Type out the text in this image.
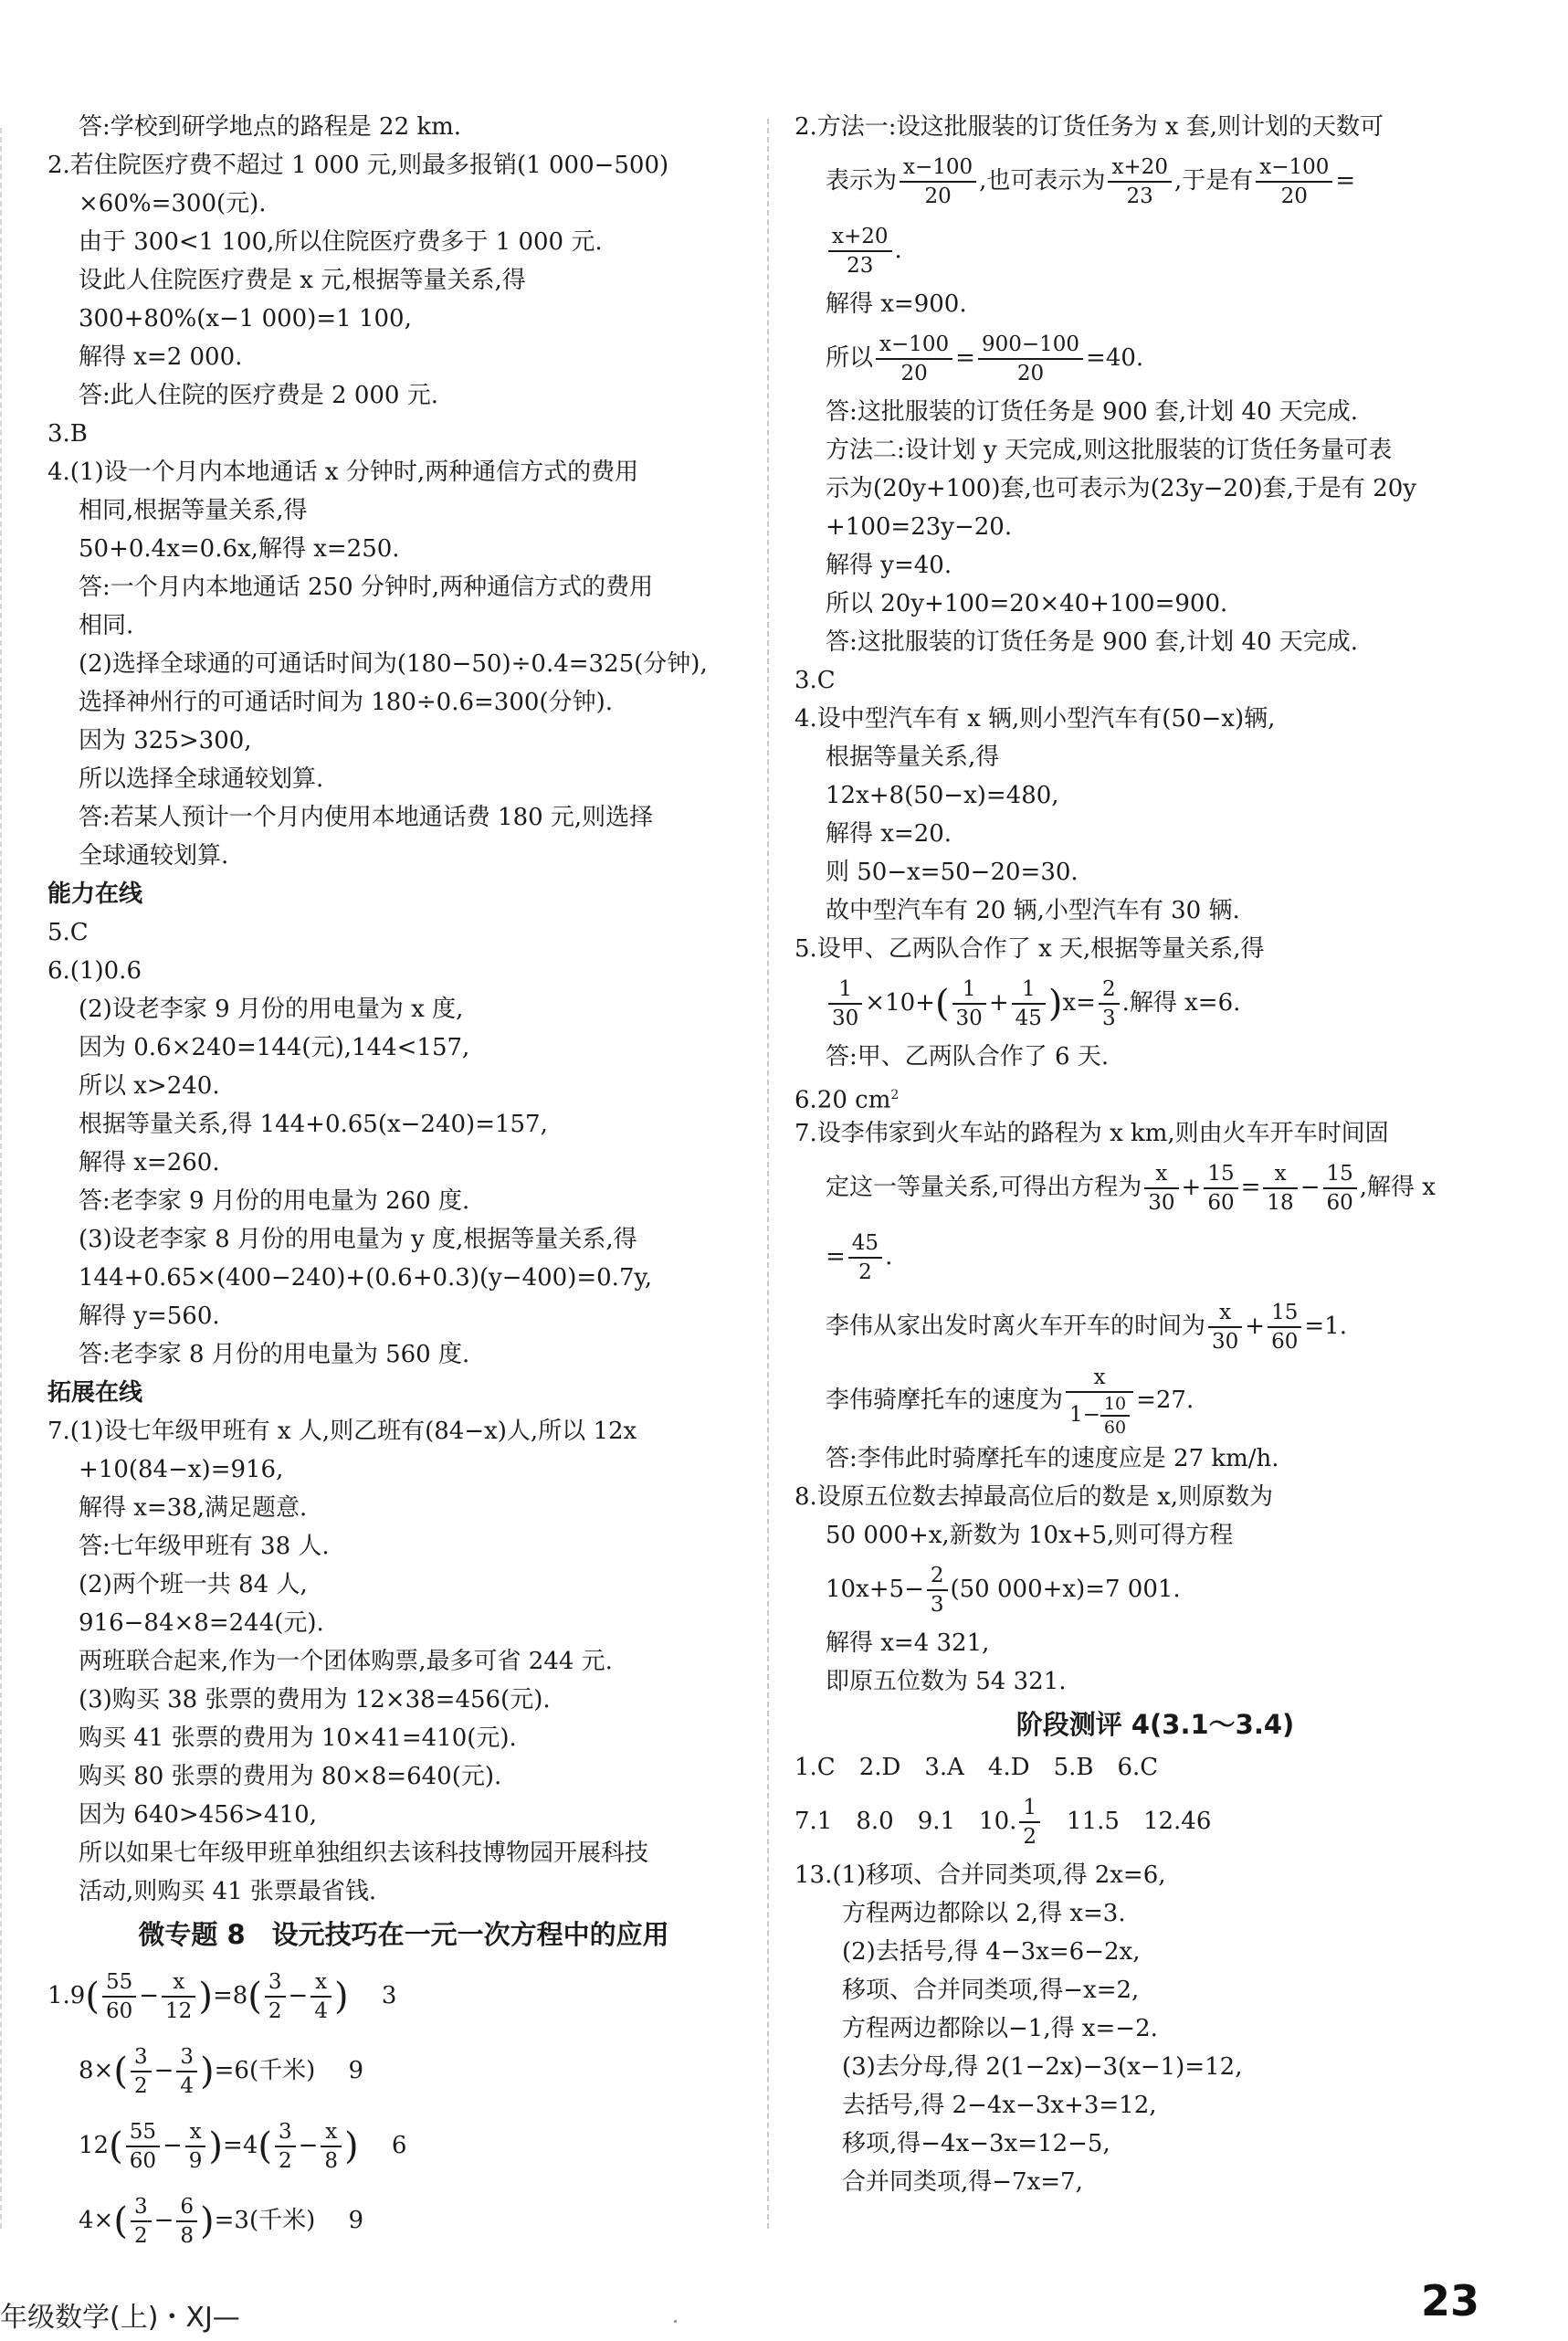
答:学校到研学地点的路程是 22 km.
2.若住院医疗费不超过 1 000 元,则最多报销(1 000−500)
×60%=300(元).
由于 300<1 100,所以住院医疗费多于 1 000 元.
设此人住院医疗费是 x 元,根据等量关系,得
300+80%(x−1 000)=1 100,
解得 x=2 000.
答:此人住院的医疗费是 2 000 元.
3.B
4.(1)设一个月内本地通话 x 分钟时,两种通信方式的费用
相同,根据等量关系,得
50+0.4x=0.6x,解得 x=250.
答:一个月内本地通话 250 分钟时,两种通信方式的费用
相同.
(2)选择全球通的可通话时间为(180−50)÷0.4=325(分钟),
选择神州行的可通话时间为 180÷0.6=300(分钟).
因为 325>300,
所以选择全球通较划算.
答:若某人预计一个月内使用本地通话费 180 元,则选择
全球通较划算.
能力在线
5.C
6.(1)0.6
(2)设老李家 9 月份的用电量为 x 度,
因为 0.6×240=144(元),144<157,
所以 x>240.
根据等量关系,得 144+0.65(x−240)=157,
解得 x=260.
答:老李家 9 月份的用电量为 260 度.
(3)设老李家 8 月份的用电量为 y 度,根据等量关系,得
144+0.65×(400−240)+(0.6+0.3)(y−400)=0.7y,
解得 y=560.
答:老李家 8 月份的用电量为 560 度.
拓展在线
7.(1)设七年级甲班有 x 人,则乙班有(84−x)人,所以 12x
+10(84−x)=916,
解得 x=38,满足题意.
答:七年级甲班有 38 人.
(2)两个班一共 84 人,
916−84×8=244(元).
两班联合起来,作为一个团体购票,最多可省 244 元.
(3)购买 38 张票的费用为 12×38=456(元).
购买 41 张票的费用为 10×41=410(元).
购买 80 张票的费用为 80×8=640(元).
因为 640>456>410,
所以如果七年级甲班单独组织去该科技博物园开展科技
活动,则购买 41 张票最省钱.
微专题 8　设元技巧在一元一次方程中的应用
$1.9( \frac{55}{60} - \frac{x}{12} )=8( \frac{3}{2} - \frac{x}{4}$ ) 3
$8\times( \frac{3}{2} - \frac{3}{4} )=6$(千米) 9
$12( \frac{55}{60} - \frac{x}{9} )=4( \frac{3}{2} - \frac{x}{8}$ ) 6
$4\times( \frac{3}{2} - \frac{6}{8} )=3$(千米) 9
2.方法一:设这批服装的订货任务为 x 套,则计划的天数可
表示为 $\frac{x-100}{20}$ ,也可表示为 $\frac{x+20}{23}$ ,于是有 $\frac{x-100}{20}$ =
$\frac{x+20}{23}$ .
解得 x=900.
所以 $\frac{x-100}{20} = \frac{900-100}{20} =40$.
答:这批服装的订货任务是 900 套,计划 40 天完成.
方法二:设计划 y 天完成,则这批服装的订货任务量可表
示为(20y+100)套,也可表示为(23y−20)套,于是有 20y
+100=23y−20.
解得 y=40.
所以 20y+100=20×40+100=900.
答:这批服装的订货任务是 900 套,计划 40 天完成.
3.C
4.设中型汽车有 x 辆,则小型汽车有(50−x)辆,
根据等量关系,得
12x+8(50−x)=480,
解得 x=20.
则 50−x=50−20=30.
故中型汽车有 20 辆,小型汽车有 30 辆.
5.设甲、乙两队合作了 x 天,根据等量关系,得
$\frac{1}{30} \times 10+( \frac{1}{30} + \frac{1}{45} )x= \frac{2}{3}$ .解得 x=6.
答:甲、乙两队合作了 6 天.
6.20 $cm^2$
7.设李伟家到火车站的路程为 x km,则由火车开车时间固
定这一等量关系,可得出方程为 $\frac{x}{30} + \frac{15}{60} = \frac{x}{18} - \frac{15}{60}$ ,解得 x
= $\frac{45}{2}$ .
李伟从家出发时离火车开车的时间为 $\frac{x}{30} + \frac{15}{60} =1$.
李伟骑摩托车的速度为 $\frac{x}{1- \frac{10}{60}} =27$.
答:李伟此时骑摩托车的速度应是 27 km/h.
8.设原五位数去掉最高位后的数是 x,则原数为
50 000+x,新数为 10x+5,则可得方程
$10x+5- \frac{2}{3} (50$ 000+x)=7 001.
解得 x=4 321,
即原五位数为 54 321.
阶段测评 4(3.1～3.4)
1.C　2.D　3.A　4.D　5.B　6.C
7.1　8.0　9.1　10. $\frac{1}{2}$ 　11.5　12.46
13.(1)移项、合并同类项,得 2x=6,
方程两边都除以 2,得 x=3.
(2)去括号,得 4−3x=6−2x,
移项、合并同类项,得−x=2,
方程两边都除以−1,得 x=−2.
(3)去分母,得 2(1−2x)−3(x−1)=12,
去括号,得 2−4x−3x+3=12,
移项,得−4x−3x=12−5,
合并同类项,得−7x=7,
年级数学(上)・XJ—	23
